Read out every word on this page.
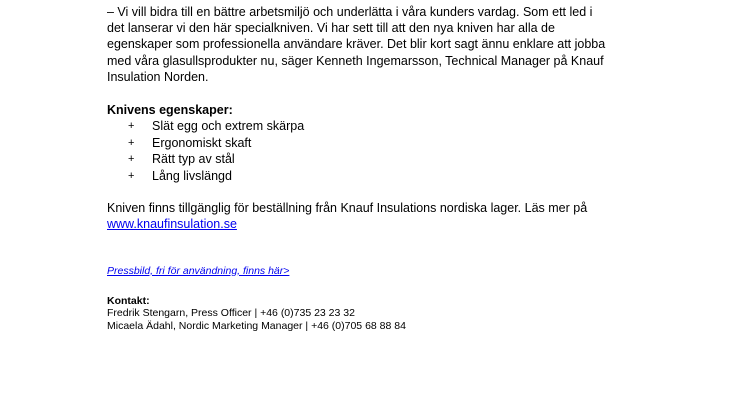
– Vi vill bidra till en bättre arbetsmiljö och underlätta i våra kunders vardag. Som ett led i
det lanserar vi den här specialkniven. Vi har sett till att den nya kniven har alla de
egenskaper som professionella användare kräver. Det blir kort sagt ännu enklare att jobba
med våra glasullsprodukter nu, säger Kenneth Ingemarsson, Technical Manager på Knauf
Insulation Norden.

Knivens egenskaper:

+ Slät egg och extrem skärpa
+ Ergonomiskt skaft
+ Rätt typ av stål
+ Lång livslängd

Kniven finns tillgänglig för beställning från Knauf Insulations nordiska lager. Läs mer på
www.knaufinsulation.se

Pressbild, fri för användning, finns här>

Kontakt:
Fredrik Stengarn, Press Officer | +46 (0)735 23 23 32
Micaela Ädahl, Nordic Marketing Manager | +46 (0)705 68 88 84
